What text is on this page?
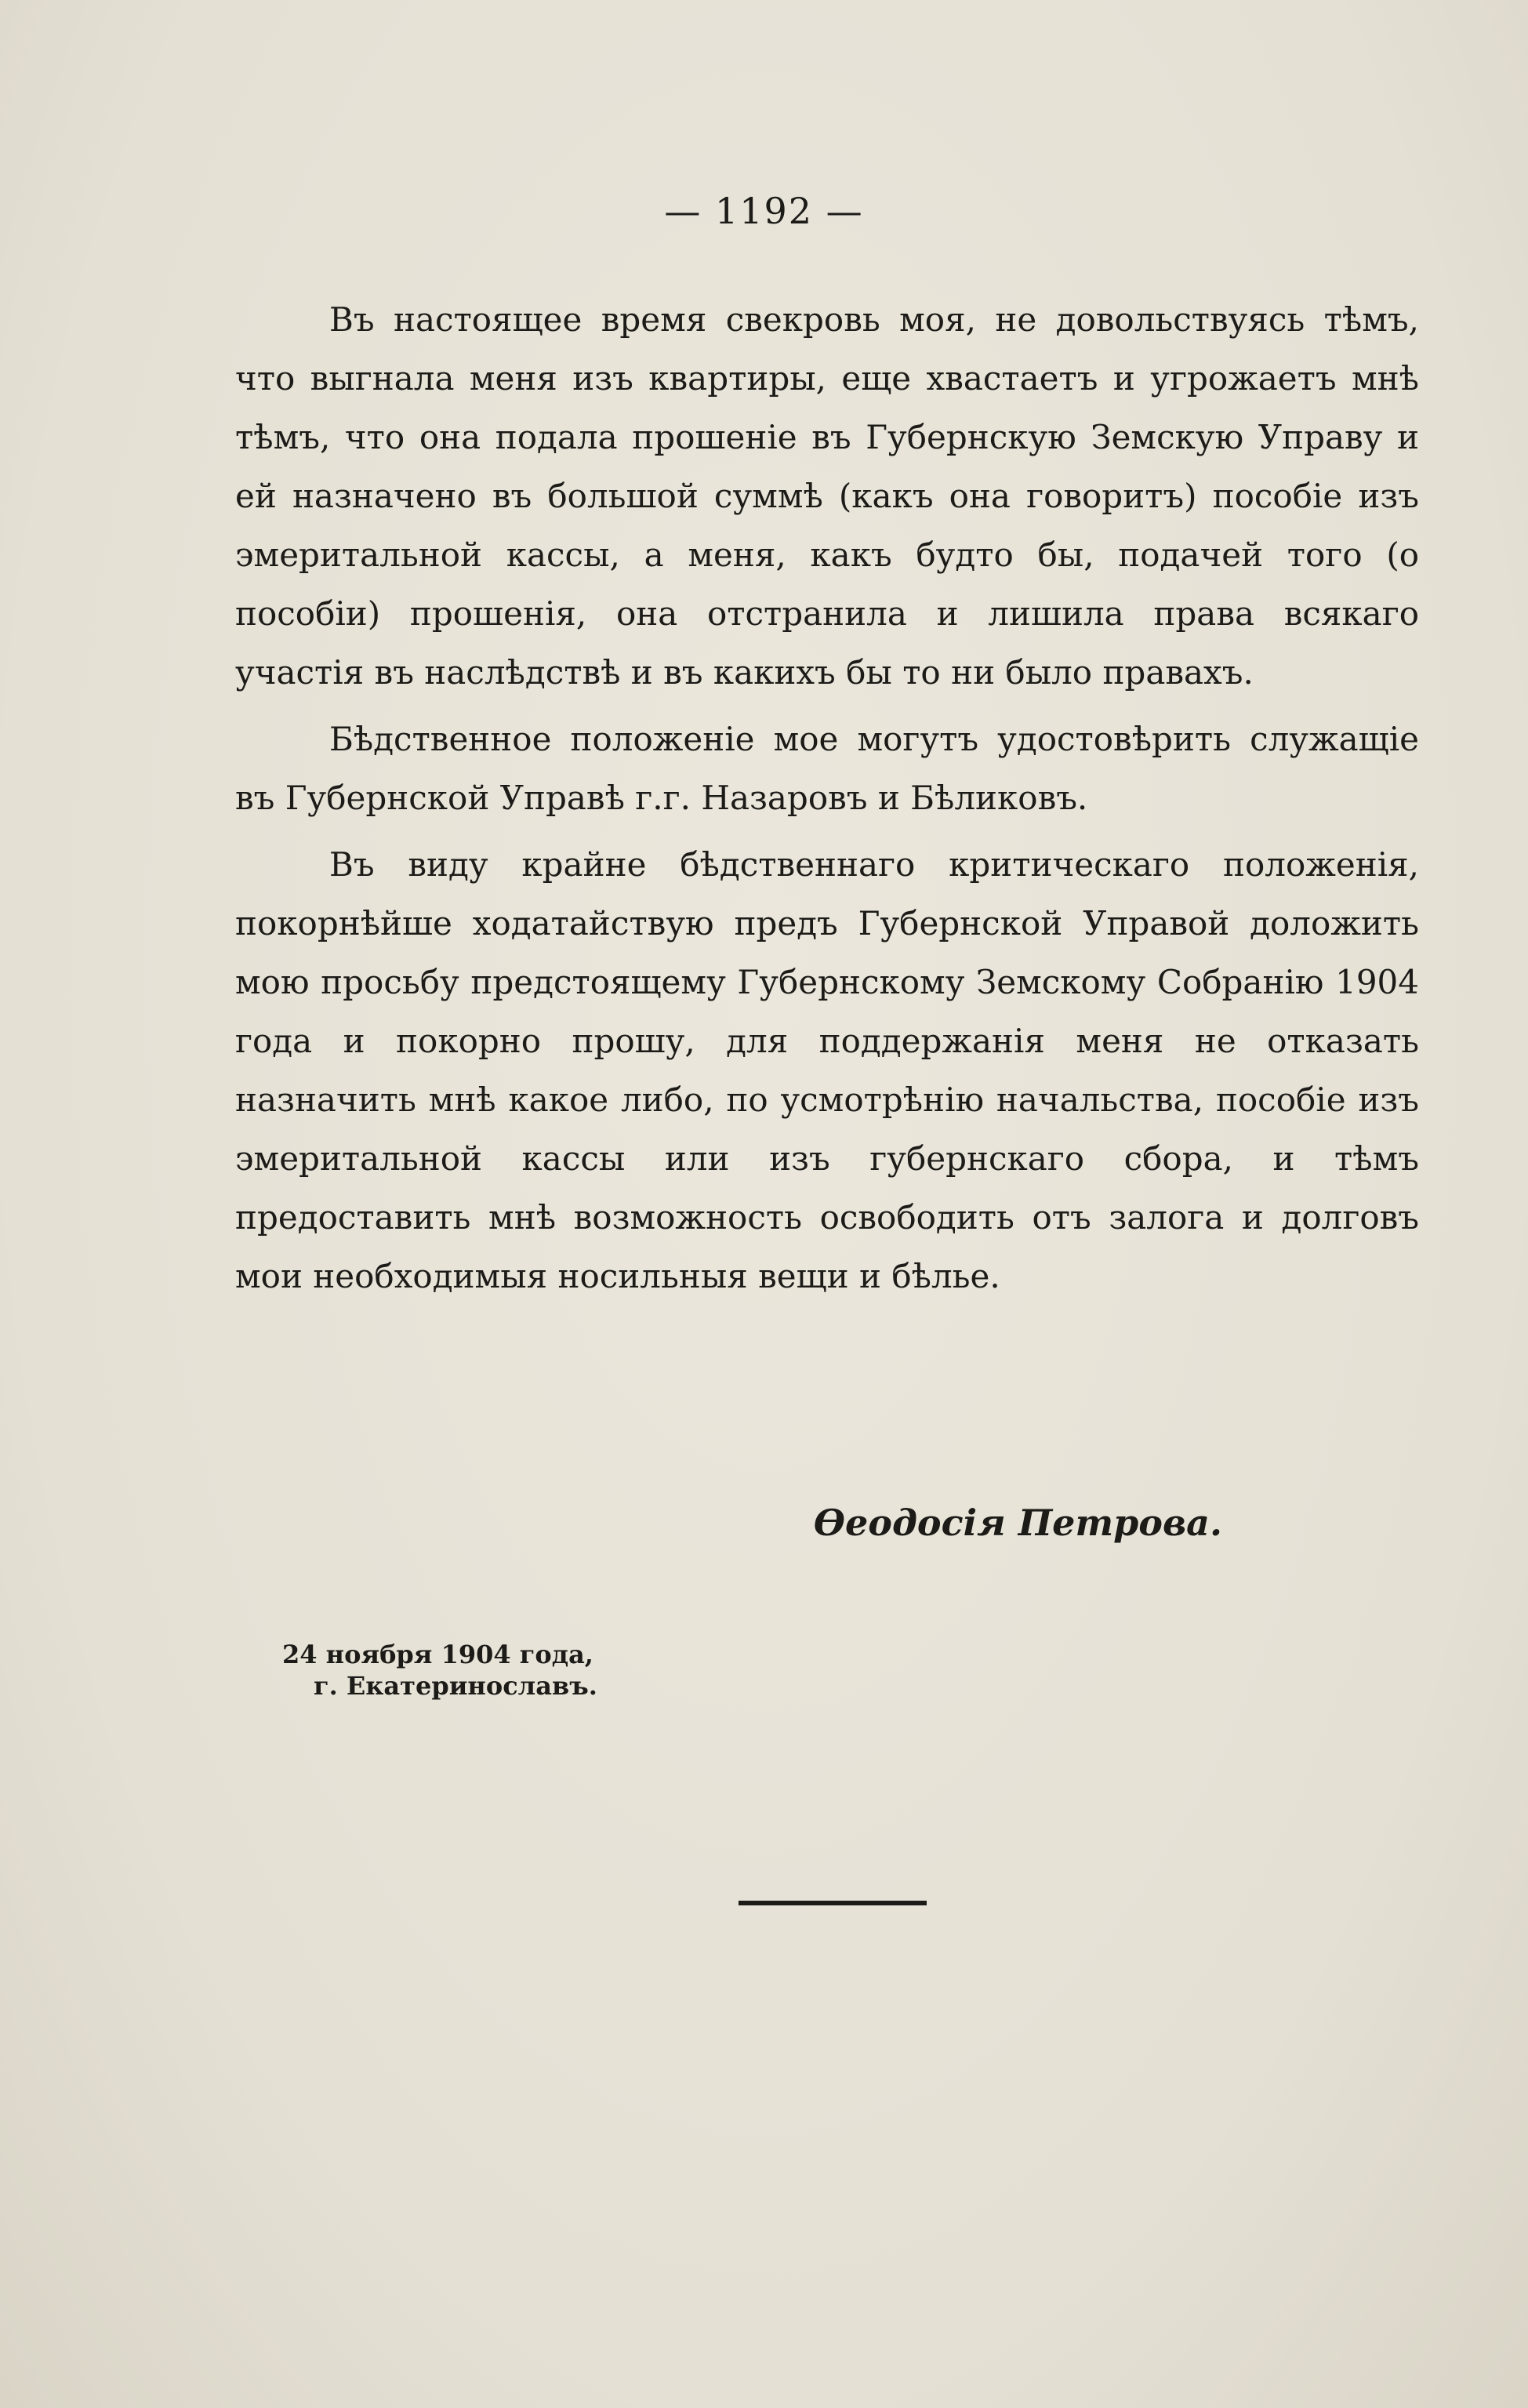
— 1192 —

Въ настоящее время свекровь моя, не довольствуясь тѣмъ, что выгнала меня изъ квартиры, еще хвастаетъ и угрожаетъ мнѣ тѣмъ, что она подала прошеніе въ Губернскую Земскую Управу и ей назначено въ большой суммѣ (какъ она говоритъ) пособіе изъ эмеритальной кассы, а меня, какъ будто бы, подачей того (о пособіи) прошенія, она отстранила и лишила права всякаго участія въ наслѣдствѣ и въ какихъ бы то ни было правахъ.

Бѣдственное положеніе мое могутъ удостовѣрить служащіе въ Губернской Управѣ г.г. Назаровъ и Бѣликовъ.

Въ виду крайне бѣдственнаго критическаго положенія, покорнѣйше ходатайствую предъ Губернской Управой доложить мою просьбу предстоящему Губернскому Земскому Собранію 1904 года и покорно прошу, для поддержанія меня не отказать назначить мнѣ какое либо, по усмотрѣнію начальства, пособіе изъ эмеритальной кассы или изъ губернскаго сбора, и тѣмъ предоставить мнѣ возможность освободить отъ залога и долговъ мои необходимыя носильныя вещи и бѣлье.

Ѳеодосія Петрова.
24 ноября 1904 года,
г. Екатеринославъ.
